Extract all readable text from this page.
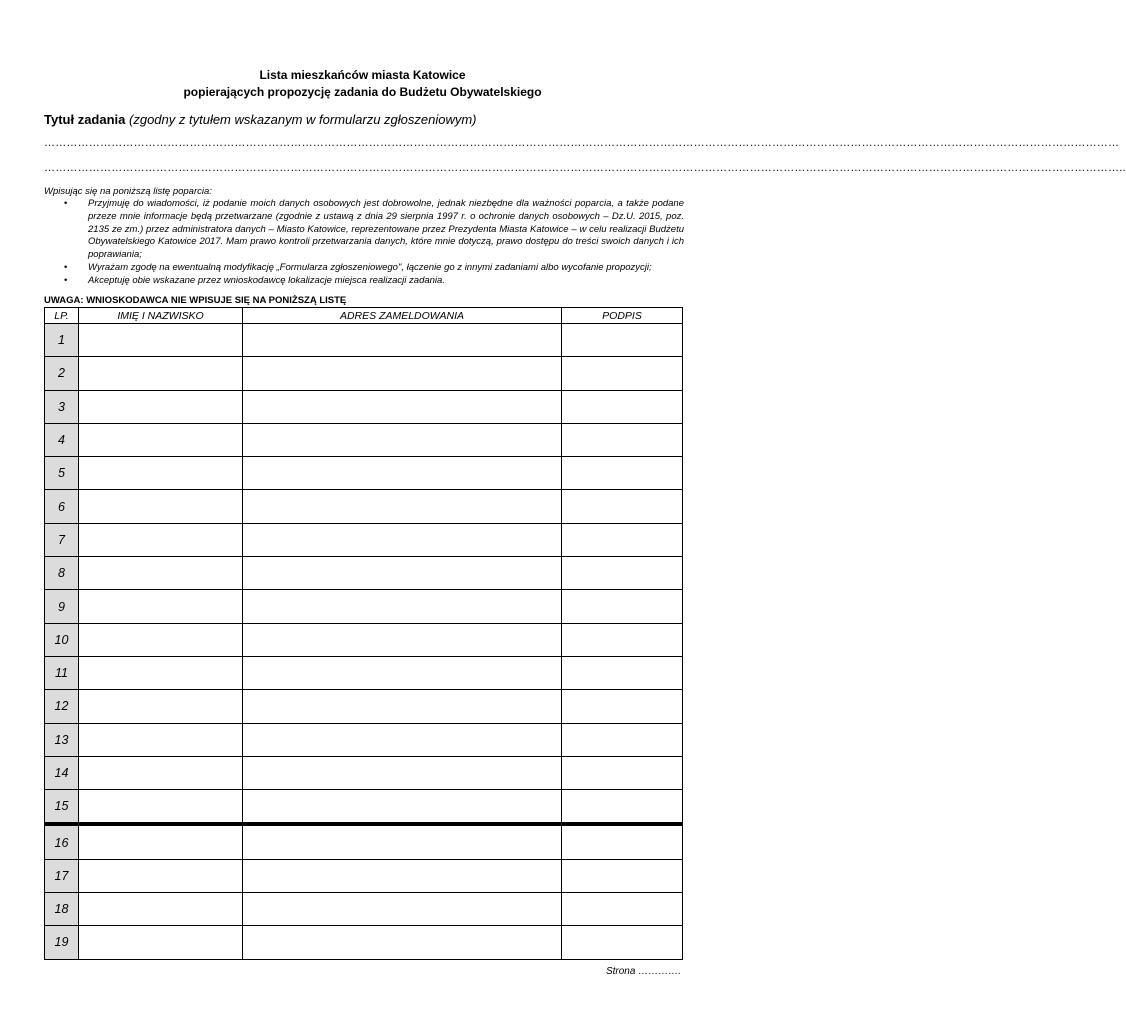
Lista mieszkańców miasta Katowice
popierających propozycję zadania do Budżetu Obywatelskiego
Tytuł zadania (zgodny z tytułem wskazanym w formularzu zgłoszeniowym)
………………………………………………………………………………………………………………………………………………………………………………………………………………………………………………………………
………………………………………………………………………………………………………………………………………………………………………………………………………………………………………………………………..
Wpisując się na poniższą listę poparcia:
• Przyjmuję do wiadomości, iż podanie moich danych osobowych jest dobrowolne, jednak niezbędne dla ważności poparcia, a także podane przeze mnie informacje będą przetwarzane (zgodnie z ustawą z dnia 29 sierpnia 1997 r. o ochronie danych osobowych – Dz.U. 2015, poz. 2135 ze zm.) przez administratora danych – Miasto Katowice, reprezentowane przez Prezydenta Miasta Katowice – w celu realizacji Budżetu Obywatelskiego Katowice 2017. Mam prawo kontroli przetwarzania danych, które mnie dotyczą, prawo dostępu do treści swoich danych i ich poprawiania;
• Wyrażam zgodę na ewentualną modyfikację „Formularza zgłoszeniowego", łączenie go z innymi zadaniami albo wycofanie propozycji;
• Akceptuję obie wskazane przez wnioskodawcę lokalizacje miejsca realizacji zadania.
UWAGA: WNIOSKODAWCA NIE WPISUJE SIĘ NA PONIŻSZĄ LISTĘ
LP.	IMIĘ I NAZWISKO	ADRES ZAMELDOWANIA	PODPIS
1			
2			
3			
4			
5			
6			
7			
8			
9			
10			
11			
12			
13			
14			
15			
16			
17			
18			
19			
Strona ………….
